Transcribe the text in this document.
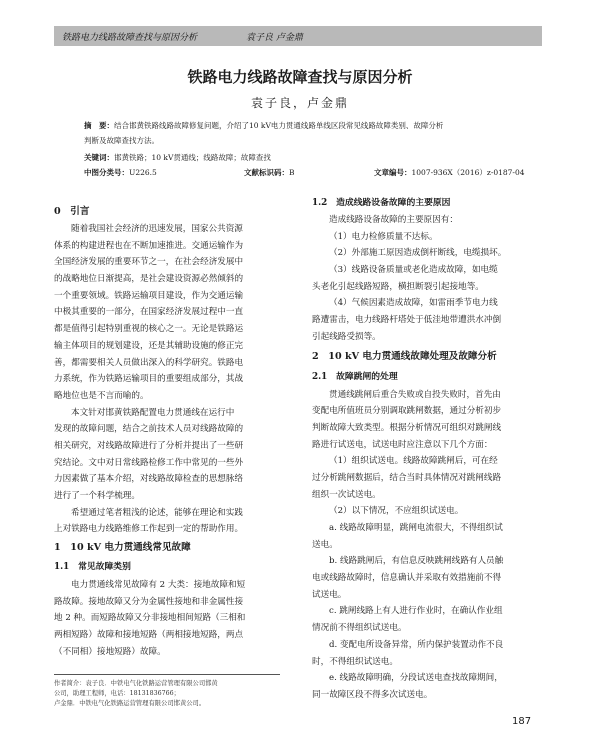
铁路电力线路故障查找与原因分析	袁子良 卢金鼎
铁路电力线路故障查找与原因分析
袁子良，卢金鼎
摘　要：结合邯黄铁路线路故障修复问题，介绍了10 kV电力贯通线路单线区段常见线路故障类别、故障分析
判断及故障查找方法。
关键词：邯黄铁路；10 kV贯通线；线路故障；故障查找
中图分类号：U226.5	文献标识码：B	文章编号：1007-936X（2016）z-0187-04
0　引言
随着我国社会经济的迅速发展，国家公共资源
体系的构建进程也在不断加速推进。交通运输作为
全国经济发展的重要环节之一，在社会经济发展中
的战略地位日渐提高，是社会建设资源必然倾斜的
一个重要领域。铁路运输项目建设，作为交通运输
中极其重要的一部分，在国家经济发展过程中一直
都是值得引起特别重视的核心之一。无论是铁路运
输主体项目的规划建设，还是其辅助设施的修正完
善，都需要相关人员做出深入的科学研究。铁路电
力系统，作为铁路运输项目的重要组成部分，其战
略地位也是不言而喻的。
本文针对邯黄铁路配置电力贯通线在运行中
发现的故障问题，结合之前技术人员对线路故障的
相关研究，对线路故障进行了分析并提出了一些研
究结论。文中对日常线路检修工作中常见的一些外
力因素做了基本介绍，对线路故障检查的思想脉络
进行了一个科学梳理。
希望通过笔者粗浅的论述，能够在理论和实践
上对铁路电力线路维修工作起到一定的帮助作用。
1　10 kV 电力贯通线常见故障
1.1　常见故障类别
电力贯通线常见故障有 2 大类：接地故障和短
路故障。接地故障又分为金属性接地和非金属性接
地 2 种。而短路故障又分非接地相间短路（三相和
两相短路）故障和接地短路（两相接地短路，两点
（不同相）接地短路）故障。
作者简介：袁子良．中铁电气化铁路运营管理有限公司邯黄
公司，助理工程师，电话：18131836766；
卢金鼎．中铁电气化铁路运营管理有限公司邯黄公司。
1.2　造成线路设备故障的主要原因
造成线路设备故障的主要原因有：
（1）电力检修质量不达标。
（2）外部施工原因造成倒杆断线，电缆损坏。
（3）线路设备质量或老化造成故障，如电缆
头老化引起线路短路，横担断裂引起接地等。
（4）气候因素造成故障，如雷雨季节电力线
路遭雷击，电力线路杆塔处于低洼地带遭洪水冲倒
引起线路受损等。
2　10 kV 电力贯通线故障处理及故障分析
2.1　故障跳闸的处理
贯通线跳闸后重合失败或自投失败时，首先由
变配电所值班员分别调取跳闸数据，通过分析初步
判断故障大致类型。根据分析情况可组织对跳闸线
路进行试送电，试送电时应注意以下几个方面：
（1）组织试送电。线路故障跳闸后，可在经
过分析跳闸数据后，结合当时具体情况对跳闸线路
组织一次试送电。
（2）以下情况，不应组织试送电。
a. 线路故障明显，跳闸电流很大，不得组织试
送电。
b. 线路跳闸后，有信息反映跳闸线路有人员触
电或线路故障时，信息确认并采取有效措施前不得
试送电。
c. 跳闸线路上有人进行作业时，在确认作业组
情况前不得组织试送电。
d. 变配电所设备异常，所内保护装置动作不良
时，不得组织试送电。
e. 线路故障明确，分段试送电查找故障期间，
同一故障区段不得多次试送电。
187
